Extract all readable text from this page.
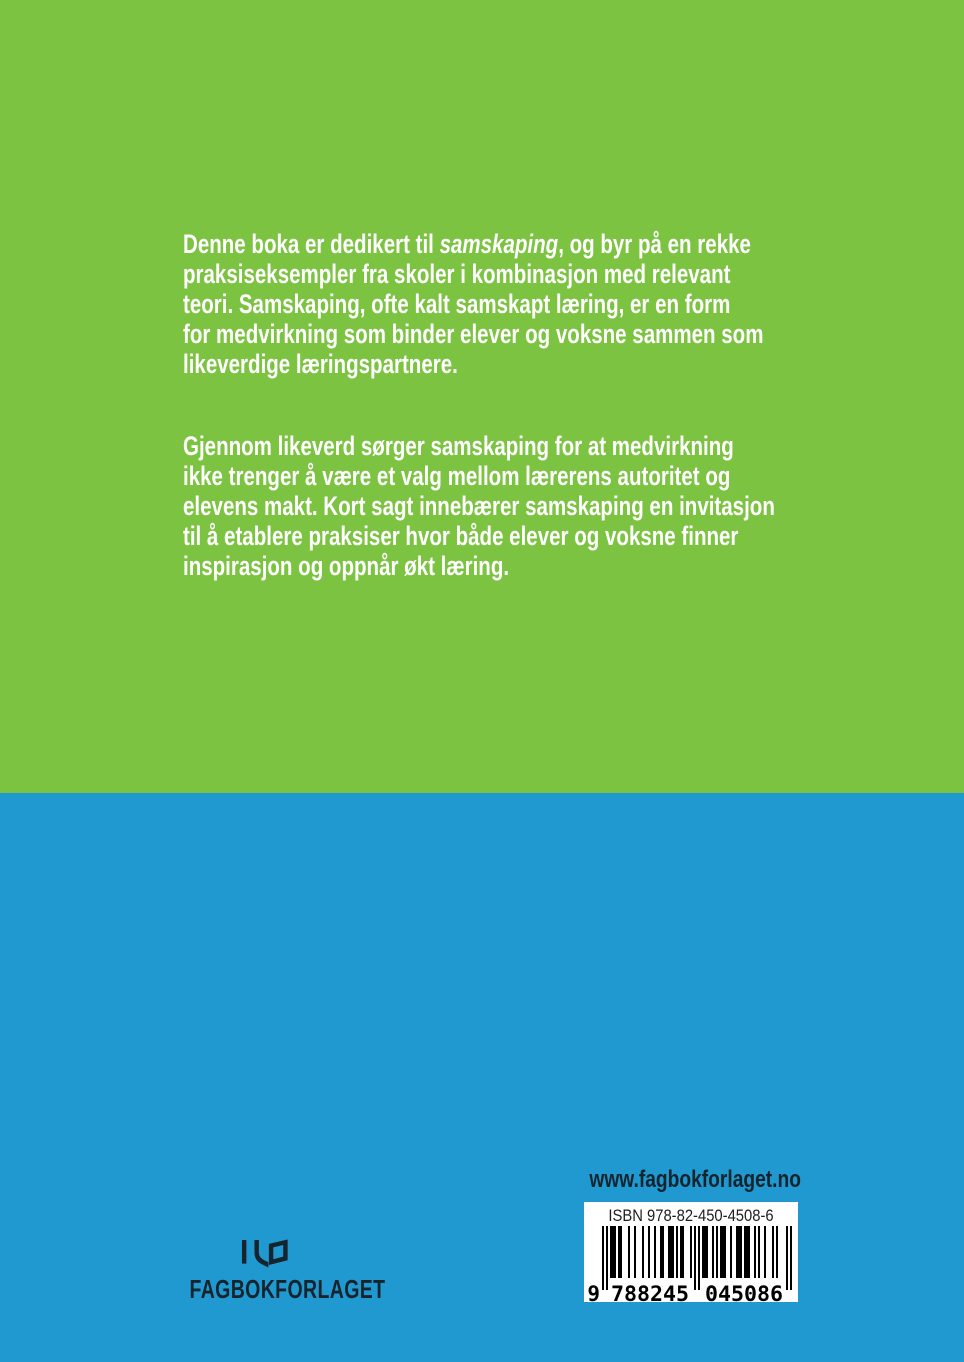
Denne boka er dedikert til samskaping, og byr på en rekke
praksiseksempler fra skoler i kombinasjon med relevant
teori. Samskaping, ofte kalt samskapt læring, er en form
for medvirkning som binder elever og voksne sammen som
likeverdige læringspartnere.
Gjennom likeverd sørger samskaping for at medvirkning
ikke trenger å være et valg mellom lærerens autoritet og
elevens makt. Kort sagt innebærer samskaping en invitasjon
til å etablere praksiser hvor både elever og voksne finner
inspirasjon og oppnår økt læring.
www.fagbokforlaget.no
ISBN 978-82-450-4508-6
9 788245 045086
FAGBOKFORLAGET
